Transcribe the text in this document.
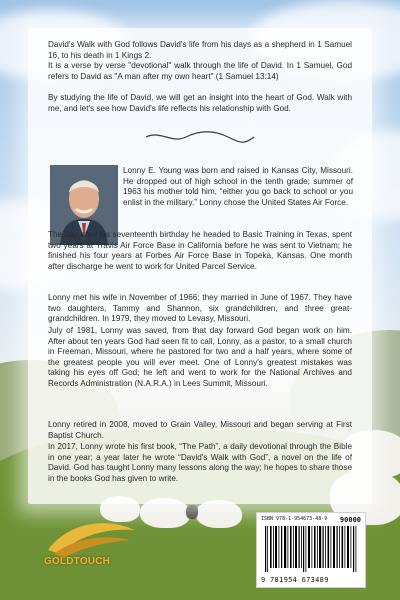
David's Walk with God follows David's life from his days as a shepherd in 1 Samuel 16, to his death in 1 Kings 2.

It is a verse by verse "devotional" walk through the life of David. In 1 Samuel, God refers to David as "A man after my own heart" (1 Samuel 13:14)

By studying the life of David, we will get an insight into the heart of God. Walk with me, and let's see how David's life reflects his relationship with God.

Lonny E. Young was born and raised in Kansas City, Missouri. He dropped out of high school in the tenth grade; summer of 1963 his mother told him, “either you go back to school or you enlist in the military.” Lonny chose the United States Air Force.

The day after his seventeenth birthday he headed to Basic Training in Texas, spent two years at Travis Air Force Base in California before he was sent to Vietnam; he finished his four years at Forbes Air Force Base in Topeka, Kansas. One month after discharge he went to work for United Parcel Service.

Lonny met his wife in November of 1966; they married in June of 1967. They have two daughters, Tammy and Shannon, six grandchildren, and three great-grandchildren. In 1979, they moved to Levasy, Missouri.

July of 1981, Lonny was saved, from that day forward God began work on him. After about ten years God had seen fit to call, Lonny, as a pastor, to a small church in Freeman, Missouri, where he pastored for two and a half years, where some of the greatest people you will ever meet. One of Lonny's greatest mistakes was taking his eyes off God; he left and went to work for the National Archives and Records Administration (N.A.R.A.) in Lees Summit, Missouri.

Lonny retired in 2008, moved to Grain Valley, Missouri and began serving at First Baptist Church.

In 2017, Lonny wrote his first book, “The Path”, a daily devotional through the Bible in one year; a year later he wrote “David's Walk with God”, a novel on the life of David. God has taught Lonny many lessons along the way; he hopes to share those in the books God has given to write.

GOLDTOUCH
ISBN 978-1-954673-48-9 90000
9 781954 673489
